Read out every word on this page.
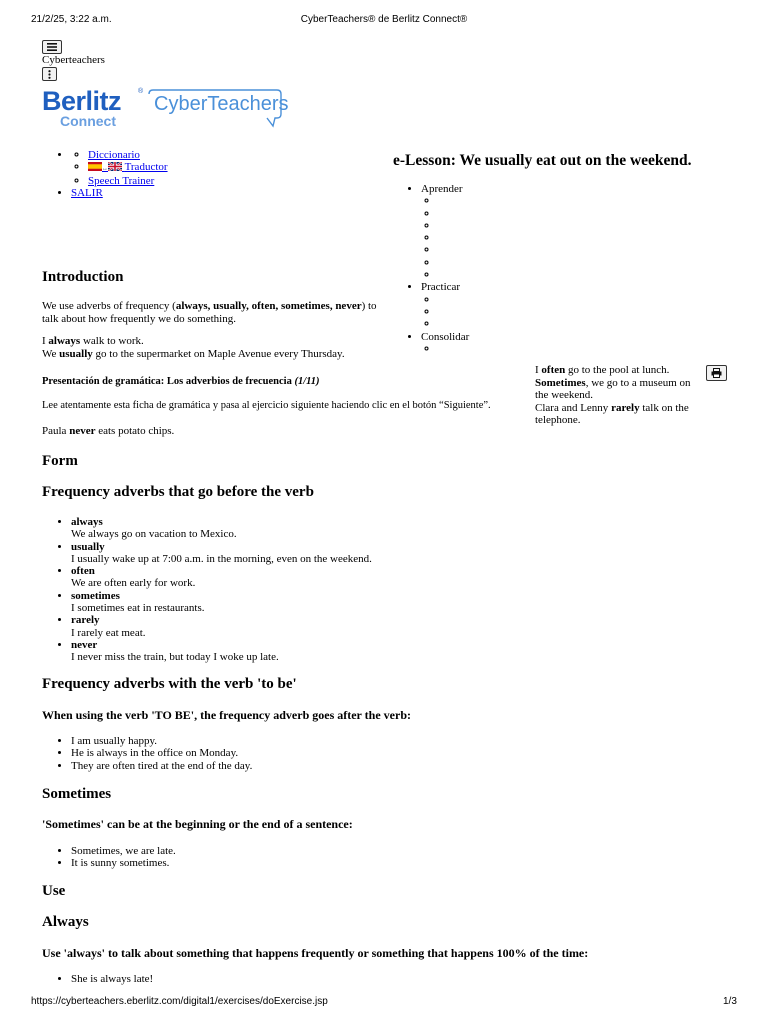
21/2/25, 3:22 a.m.	CyberTeachers® de Berlitz Connect®
Cyberteachers
Berlitz ®
Connect
CyberTeachers
◦ • Diccionario
◦ ↔ Traductor
◦ Speech Trainer
• SALIR
e-Lesson: We usually eat out on the weekend.
• Aprender
◦
◦
◦
◦
◦
◦
◦
• Practicar
◦
◦
◦
• Consolidar
◦
I often go to the pool at lunch.
Sometimes, we go to a museum on
the weekend.
Clara and Lenny rarely talk on the
telephone.
Introduction
We use adverbs of frequency (always, usually, often, sometimes, never) to
talk about how frequently we do something.
I always walk to work.
We usually go to the supermarket on Maple Avenue every Thursday.
Presentación de gramática: Los adverbios de frecuencia (1/11)
Lee atentamente esta ficha de gramática y pasa al ejercicio siguiente haciendo clic en el botón “Siguiente”.
Paula never eats potato chips.
Form
Frequency adverbs that go before the verb
• always
We always go on vacation to Mexico.
• usually
I usually wake up at 7:00 a.m. in the morning, even on the weekend.
• often
We are often early for work.
• sometimes
I sometimes eat in restaurants.
• rarely
I rarely eat meat.
• never
I never miss the train, but today I woke up late.
Frequency adverbs with the verb 'to be'
When using the verb 'TO BE', the frequency adverb goes after the verb:
• I am usually happy.
• He is always in the office on Monday.
• They are often tired at the end of the day.
Sometimes
'Sometimes' can be at the beginning or the end of a sentence:
• Sometimes, we are late.
• It is sunny sometimes.
Use
Always
Use 'always' to talk about something that happens frequently or something that happens 100% of the time:
• She is always late!
https://cyberteachers.eberlitz.com/digital1/exercises/doExercise.jsp	1/3
